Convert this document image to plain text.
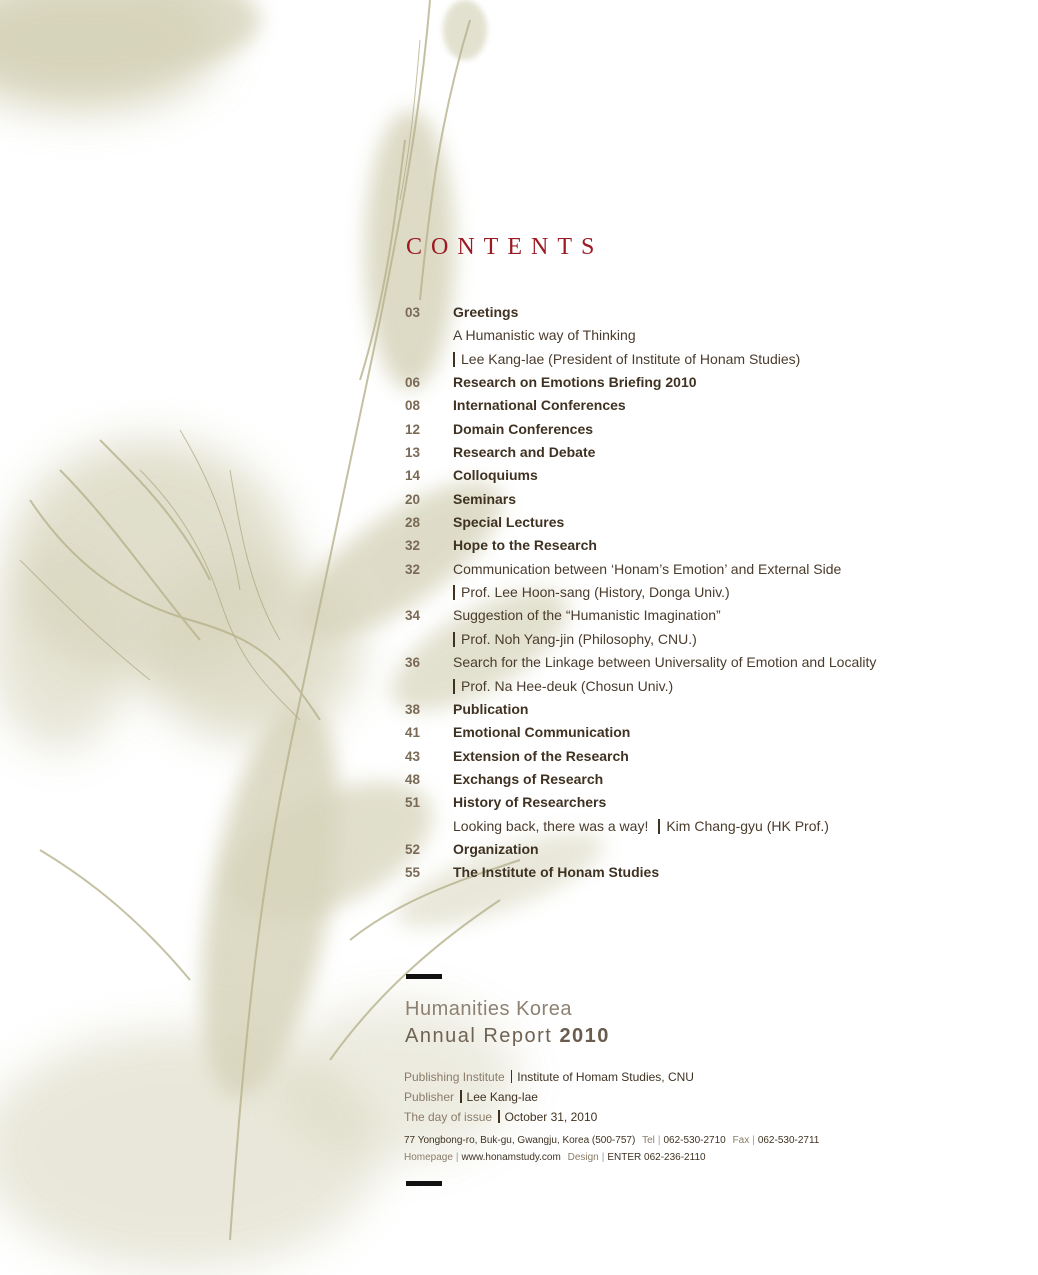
CONTENTS
03	Greetings
A Humanistic way of Thinking
Lee Kang-lae (President of Institute of Honam Studies)
06	Research on Emotions Briefing 2010
08	International Conferences
12	Domain Conferences
13	Research and Debate
14	Colloquiums
20	Seminars
28	Special Lectures
32	Hope to the Research
32	Communication between ‘Honam’s Emotion’ and External Side
Prof. Lee Hoon-sang (History, Donga Univ.)
34	Suggestion of the “Humanistic Imagination”
Prof. Noh Yang-jin (Philosophy, CNU.)
36	Search for the Linkage between Universality of Emotion and Locality
Prof. Na Hee-deuk (Chosun Univ.)
38	Publication
41	Emotional Communication
43	Extension of the Research
48	Exchangs of Research
51	History of Researchers
Looking back, there was a way! Kim Chang-gyu (HK Prof.)
52	Organization
55	The Institute of Honam Studies
Humanities Korea
Annual Report 2010
Publishing Institute Institute of Homam Studies, CNU
Publisher Lee Kang-lae
The day of issue October 31, 2010
77 Yongbong-ro, Buk-gu, Gwangju, Korea (500-757) Tel | 062-530-2710 Fax | 062-530-2711
Homepage | www.honamstudy.com Design | ENTER 062-236-2110
